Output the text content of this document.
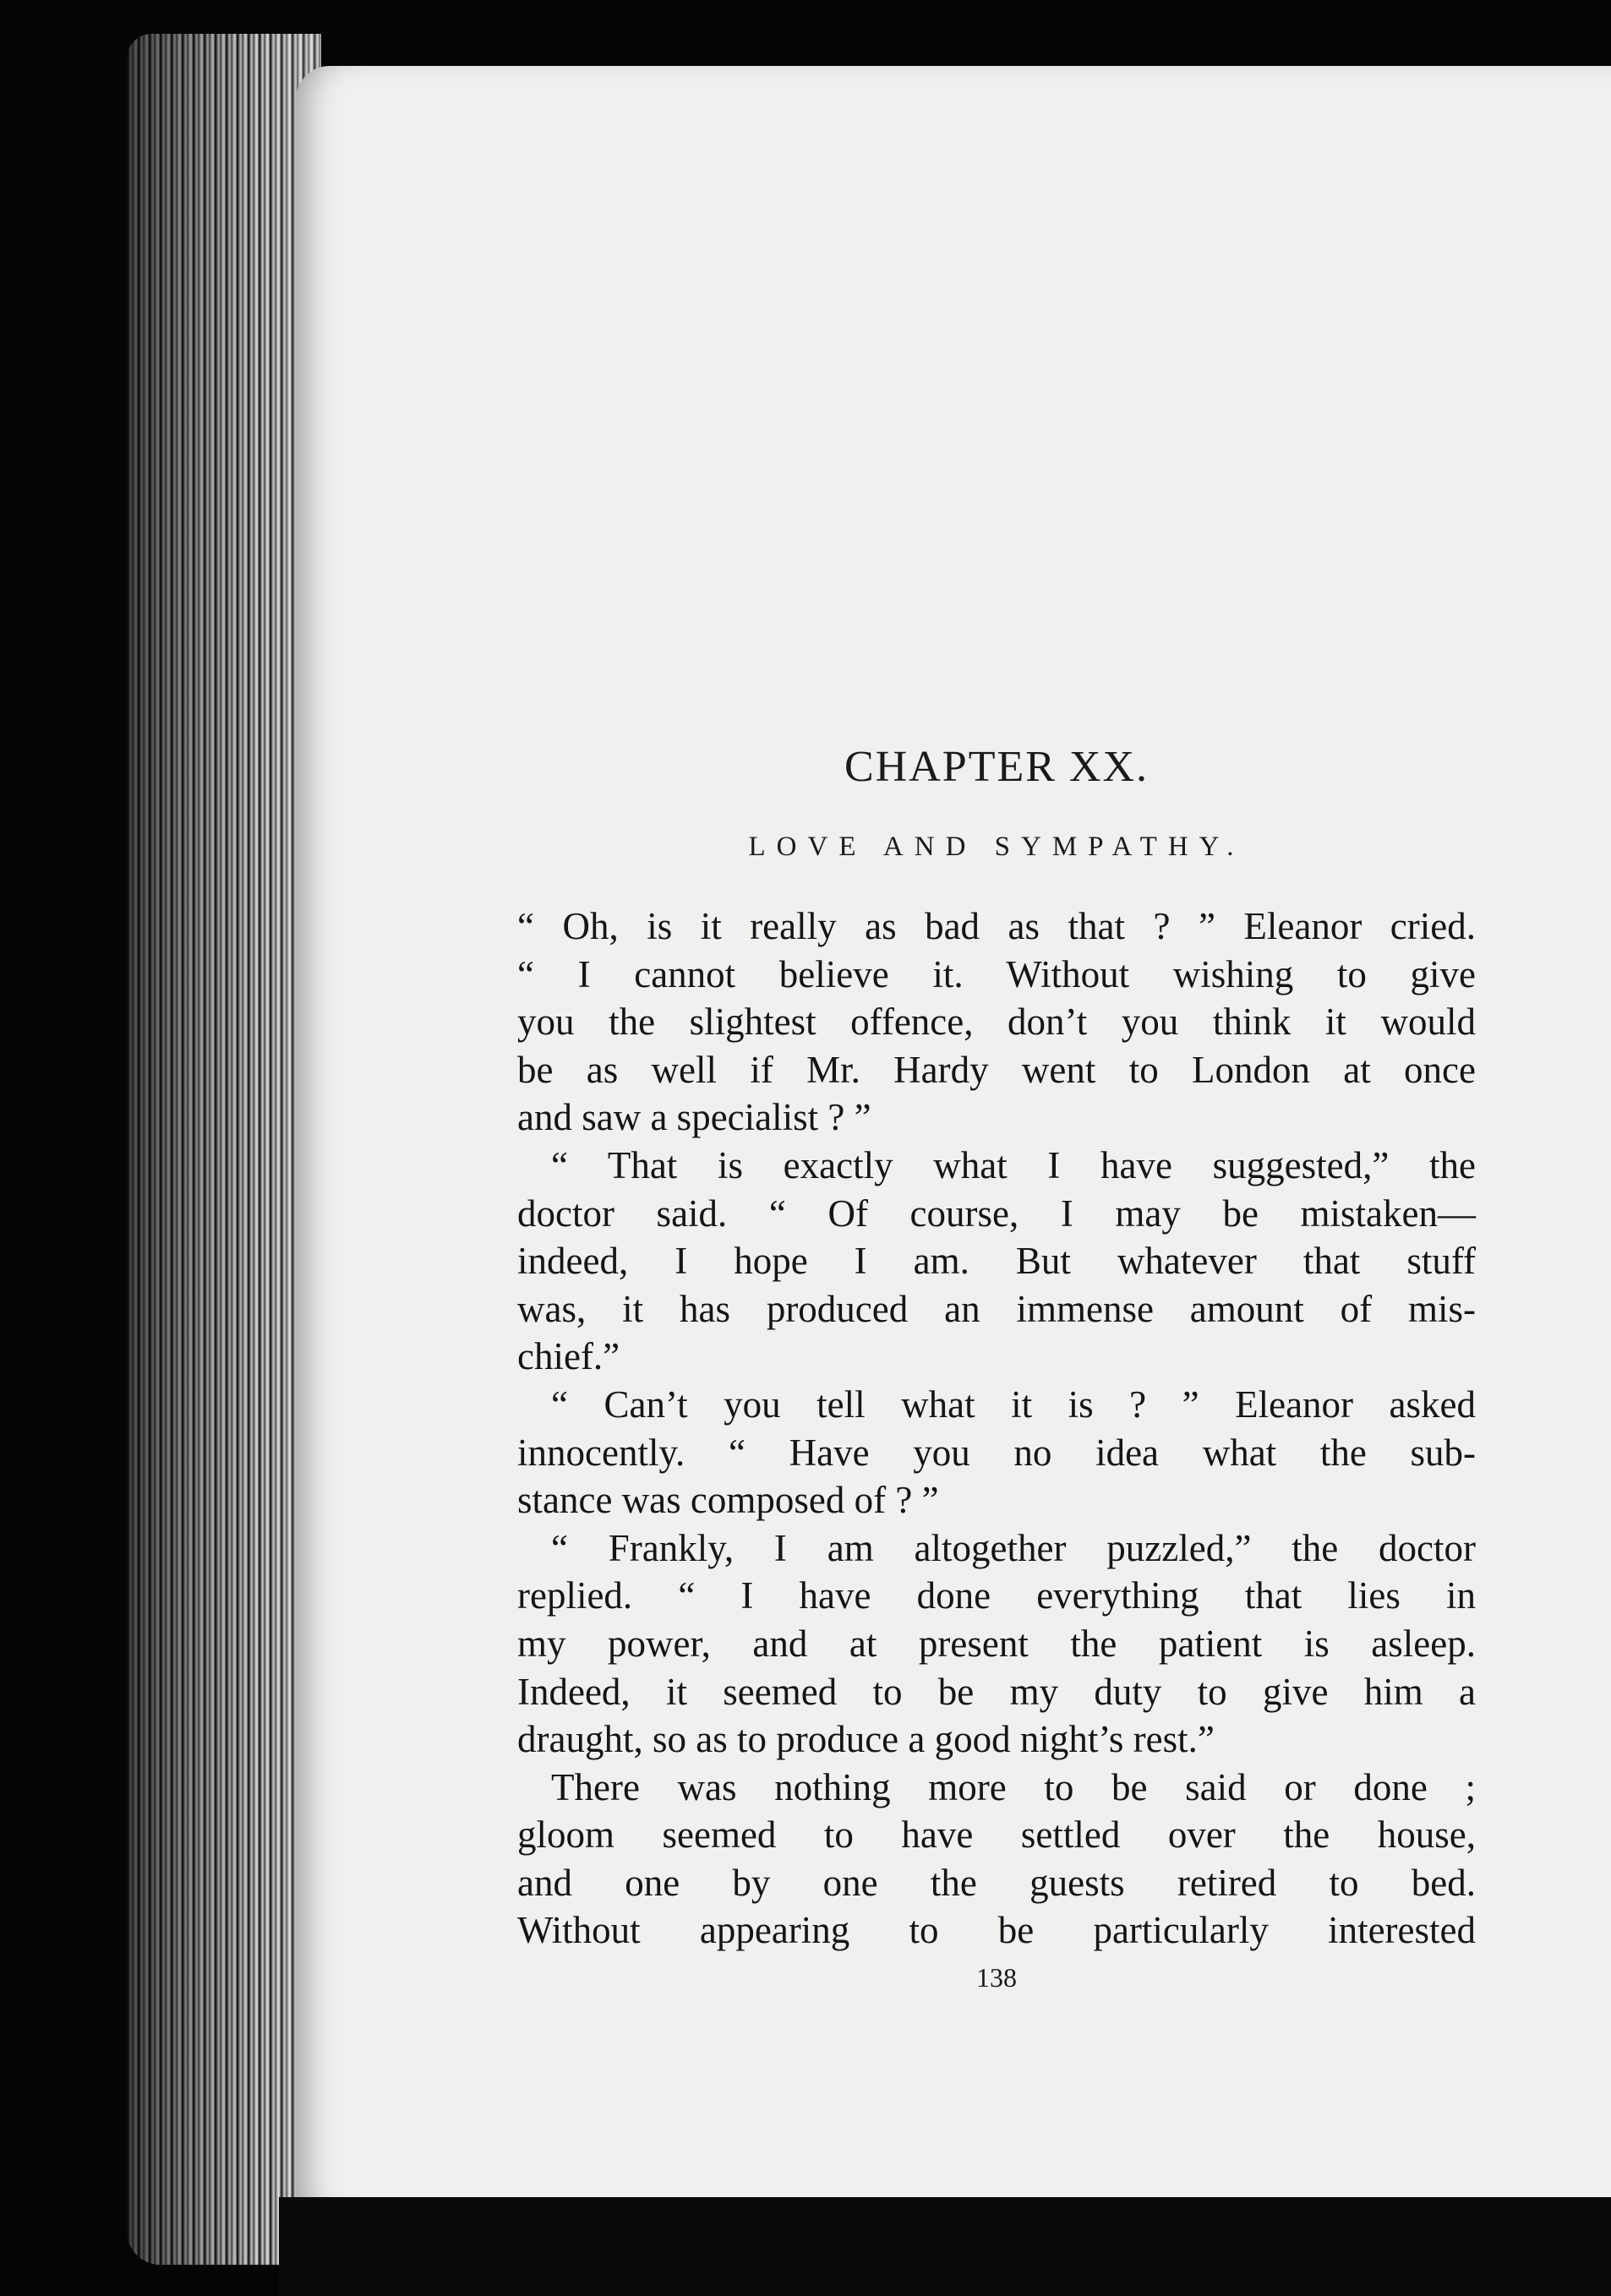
CHAPTER XX.
LOVE AND SYMPATHY.
“ Oh, is it really as bad as that ? ” Eleanor cried.
“ I cannot believe it. Without wishing to give
you the slightest offence, don’t you think it would
be as well if Mr. Hardy went to London at once
and saw a specialist ? ”
“ That is exactly what I have suggested,” the
doctor said. “ Of course, I may be mistaken—
indeed, I hope I am. But whatever that stuff
was, it has produced an immense amount of mis-
chief.”
“ Can’t you tell what it is ? ” Eleanor asked
innocently. “ Have you no idea what the sub-
stance was composed of ? ”
“ Frankly, I am altogether puzzled,” the doctor
replied. “ I have done everything that lies in
my power, and at present the patient is asleep.
Indeed, it seemed to be my duty to give him a
draught, so as to produce a good night’s rest.”
There was nothing more to be said or done ;
gloom seemed to have settled over the house,
and one by one the guests retired to bed.
Without appearing to be particularly interested
138
